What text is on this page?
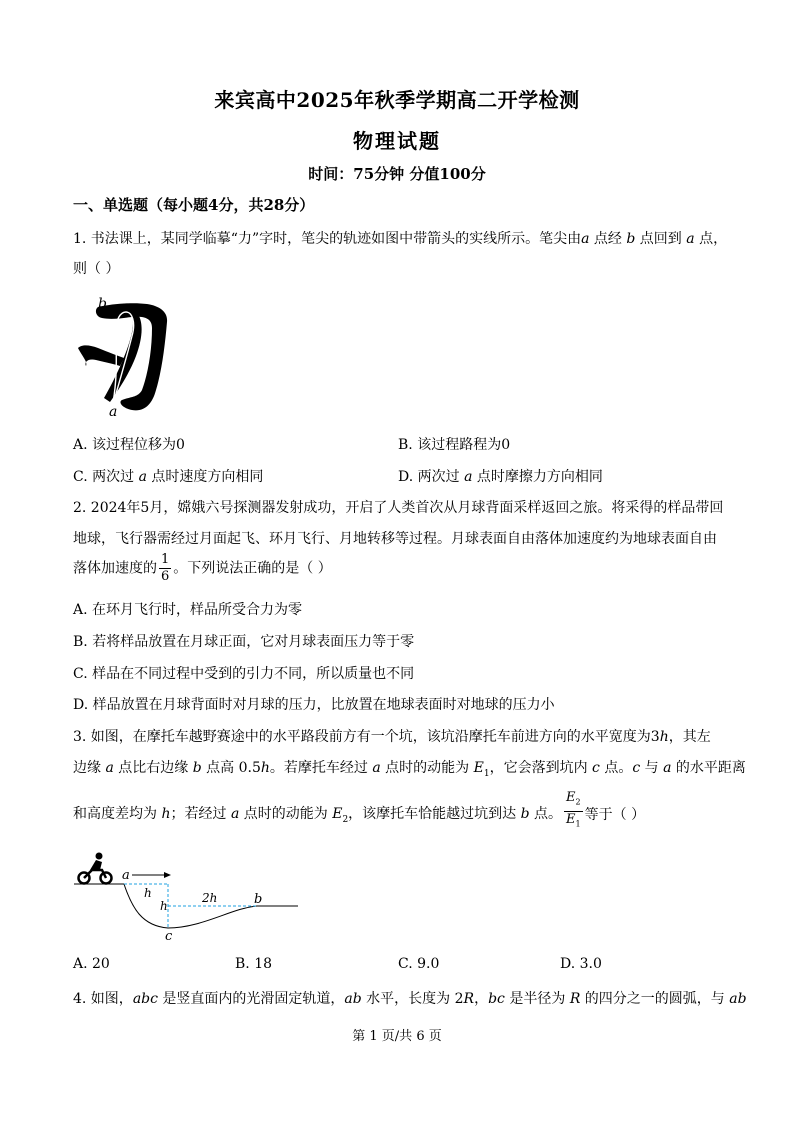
来宾高中2025年秋季学期高二开学检测
物理试题
时间：75分钟 分值100分
一、单选题（每小题4分，共28分）
1. 书法课上，某同学临摹“力”字时，笔尖的轨迹如图中带箭头的实线所示。笔尖由a 点经 b 点回到 a 点，
则（ ）
b
a
A. 该过程位移为0	B. 该过程路程为0
C. 两次过 a 点时速度方向相同	D. 两次过 a 点时摩擦力方向相同
2. 2024年5月，嫦娥六号探测器发射成功，开启了人类首次从月球背面采样返回之旅。将采得的样品带回
地球，飞行器需经过月面起飞、环月飞行、月地转移等过程。月球表面自由落体加速度约为地球表面自由
落体加速度的 $\frac{1}{6}$ 。下列说法正确的是（ ）
A. 在环月飞行时，样品所受合力为零
B. 若将样品放置在月球正面，它对月球表面压力等于零
C. 样品在不同过程中受到的引力不同，所以质量也不同
D. 样品放置在月球背面时对月球的压力，比放置在地球表面时对地球的压力小
3. 如图，在摩托车越野赛途中的水平路段前方有一个坑，该坑沿摩托车前进方向的水平宽度为3h，其左
边缘 a 点比右边缘 b 点高 0.5h。若摩托车经过 a 点时的动能为 $E_1$，它会落到坑内 c 点。c 与 a 的水平距离
和高度差均为 h；若经过 a 点时的动能为 $E_2$，该摩托车恰能越过坑到达 b 点。 $\frac{E_2}{E_1}$ 等于（ ）
a
h
h
2h	b
c
A. 20	B. 18	C. 9.0	D. 3.0
4. 如图，abc 是竖直面内的光滑固定轨道，ab 水平，长度为 2R，bc 是半径为 R 的四分之一的圆弧，与 ab
第 1 页/共 6 页
